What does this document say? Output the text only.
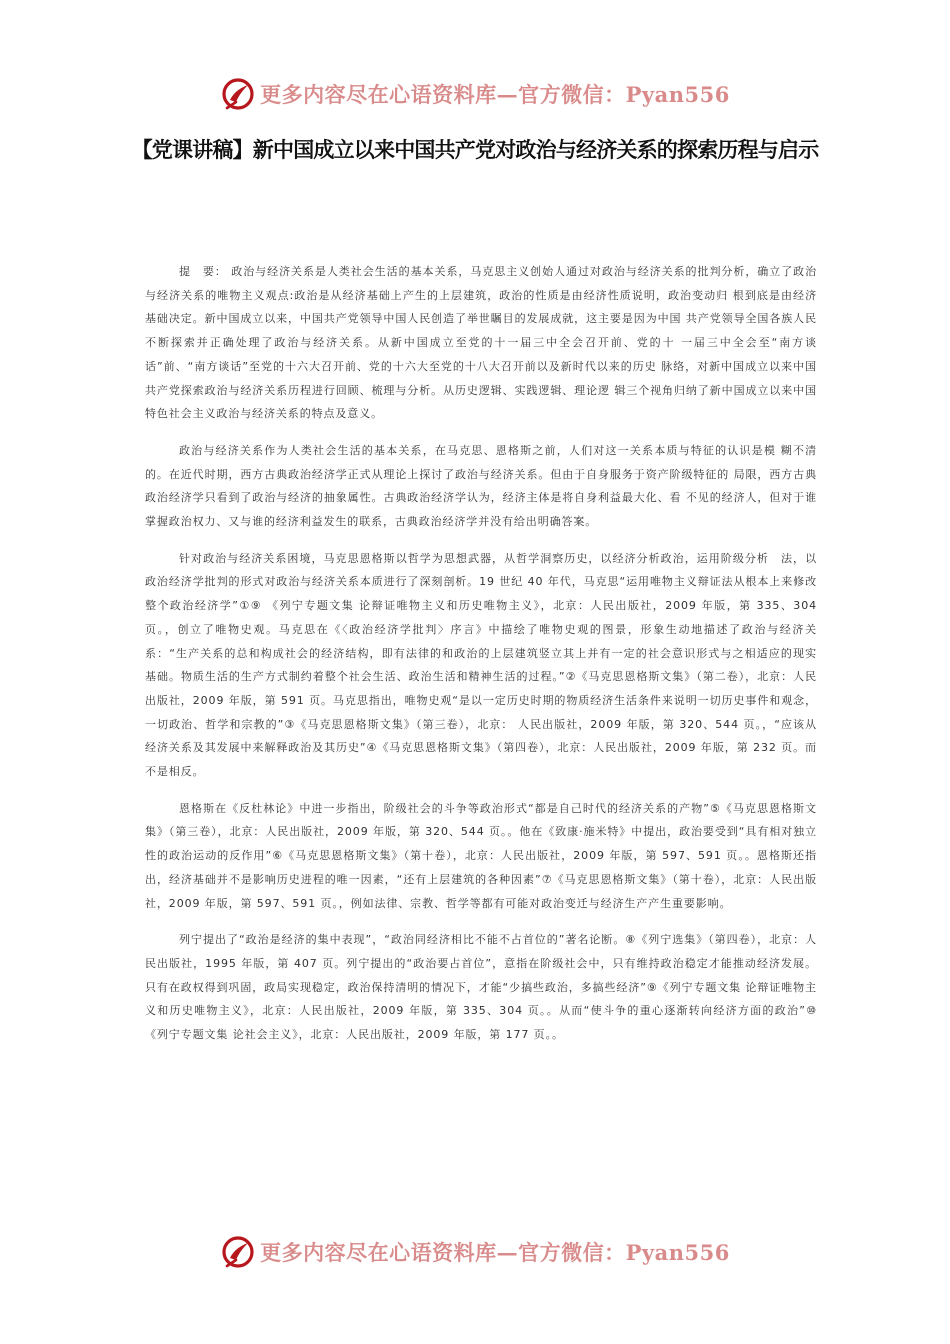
更多内容尽在心语资料库—官方微信：Pyan556
【党课讲稿】新中国成立以来中国共产党对政治与经济关系的探索历程与启示

提　要： 政治与经济关系是人类社会生活的基本关系，马克思主义创始人通过对政治与经济关系的批判分析，确立了政治与经济关系的唯物主义观点:政治是从经济基础上产生的上层建筑，政治的性质是由经济性质说明，政治变动归 根到底是由经济基础决定。新中国成立以来，中国共产党领导中国人民创造了举世瞩目的发展成就，这主要是因为中国 共产党领导全国各族人民不断探索并正确处理了政治与经济关系。从新中国成立至党的十一届三中全会召开前、党的十 一届三中全会至“南方谈话”前、“南方谈话”至党的十六大召开前、党的十六大至党的十八大召开前以及新时代以来的历史 脉络，对新中国成立以来中国共产党探索政治与经济关系历程进行回顾、梳理与分析。从历史逻辑、实践逻辑、理论逻 辑三个视角归纳了新中国成立以来中国特色社会主义政治与经济关系的特点及意义。

政治与经济关系作为人类社会生活的基本关系，在马克思、恩格斯之前，人们对这一关系本质与特征的认识是模 糊不清的。在近代时期，西方古典政治经济学正式从理论上探讨了政治与经济关系。但由于自身服务于资产阶级特征的 局限，西方古典政治经济学只看到了政治与经济的抽象属性。古典政治经济学认为，经济主体是将自身利益最大化、看 不见的经济人，但对于谁掌握政治权力、又与谁的经济利益发生的联系，古典政治经济学并没有给出明确答案。

针对政治与经济关系困境，马克思恩格斯以哲学为思想武器，从哲学洞察历史，以经济分析政治，运用阶级分析　法，以政治经济学批判的形式对政治与经济关系本质进行了深刻剖析。19 世纪 40 年代，马克思“运用唯物主义辩证法从根本上来修改整个政治经济学”①⑨ 《列宁专题文集 论辩证唯物主义和历史唯物主义》，北京：人民出版社，2009 年版，第 335、304 页。，创立了唯物史观。马克思在《〈政治经济学批判〉序言》中描绘了唯物史观的图景，形象生动地描述了政治与经济关系：“生产关系的总和构成社会的经济结构，即有法律的和政治的上层建筑竖立其上并有一定的社会意识形式与之相适应的现实基础。物质生活的生产方式制约着整个社会生活、政治生活和精神生活的过程。”②《马克思恩格斯文集》（第二卷），北京：人民出版社，2009 年版，第 591 页。马克思指出，唯物史观“是以一定历史时期的物质经济生活条件来说明一切历史事件和观念，一切政治、哲学和宗教的”③《马克思恩格斯文集》（第三卷），北京： 人民出版社，2009 年版，第 320、544 页。，“应该从经济关系及其发展中来解释政治及其历史”④《马克思恩格斯文集》（第四卷），北京：人民出版社，2009 年版，第 232 页。而不是相反。

恩格斯在《反杜林论》中进一步指出，阶级社会的斗争等政治形式“都是自己时代的经济关系的产物”⑤《马克思恩格斯文集》（第三卷），北京：人民出版社，2009 年版，第 320、544 页。。他在《致康·施米特》中提出，政治要受到“具有相对独立性的政治运动的反作用”⑥《马克思恩格斯文集》（第十卷），北京：人民出版社，2009 年版，第 597、591 页。。恩格斯还指出，经济基础并不是影响历史进程的唯一因素，“还有上层建筑的各种因素”⑦《马克思恩格斯文集》（第十卷），北京：人民出版社，2009 年版，第 597、591 页。，例如法律、宗教、哲学等都有可能对政治变迁与经济生产产生重要影响。

列宁提出了“政治是经济的集中表现”，“政治同经济相比不能不占首位的”著名论断。⑧《列宁选集》（第四卷），北京：人民出版社，1995 年版，第 407 页。列宁提出的“政治要占首位”，意指在阶级社会中，只有维持政治稳定才能推动经济发展。只有在政权得到巩固，政局实现稳定，政治保持清明的情况下，才能“少搞些政治，多搞些经济”⑨《列宁专题文集 论辩证唯物主义和历史唯物主义》，北京：人民出版社，2009 年版，第 335、304 页。。从而“使斗争的重心逐渐转向经济方面的政治”⑩《列宁专题文集 论社会主义》，北京：人民出版社，2009 年版，第 177 页。。

更多内容尽在心语资料库—官方微信：Pyan556
